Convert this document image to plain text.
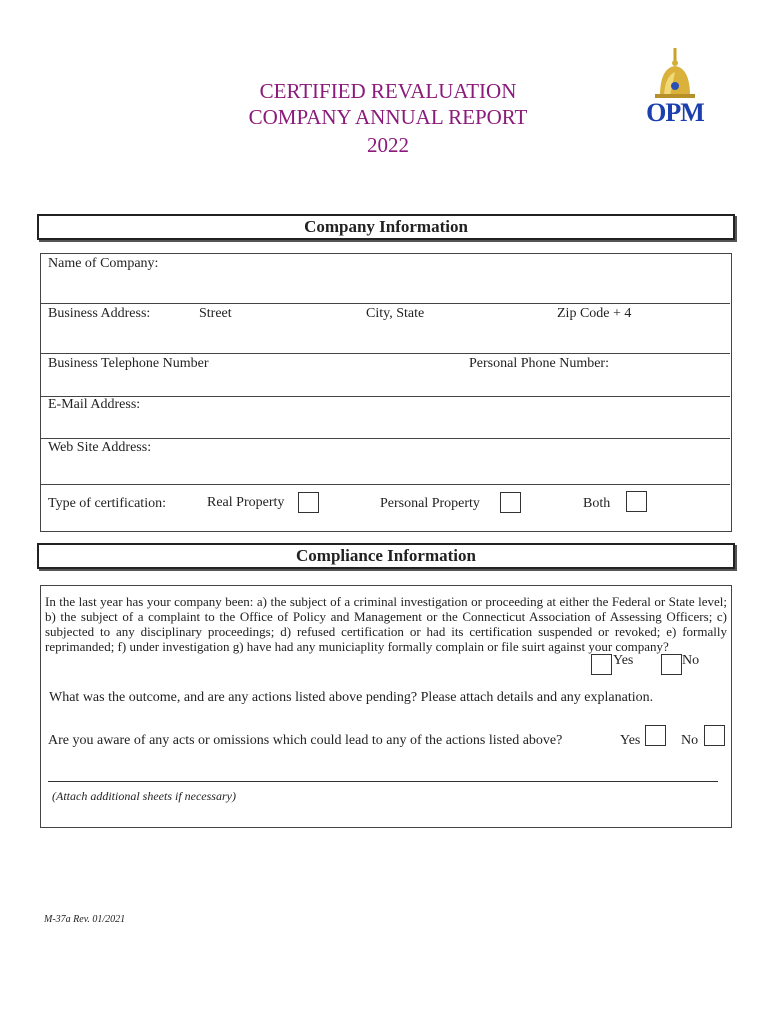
CERTIFIED REVALUATION
COMPANY ANNUAL REPORT
2022
OPM
Company Information
Name of Company:
Business Address:	Street	City, State	Zip Code + 4
Business Telephone Number	Personal Phone Number:
E-Mail Address:
Web Site Address:
Type of certification:	Real Property	Personal Property	Both
Compliance Information
In the last year has your company been: a) the subject of a criminal investigation or proceeding at either the Federal or State level; b) the subject of a complaint to the Office of Policy and Management or the Connecticut Association of Assessing Officers; c) subjected to any disciplinary proceedings; d) refused certification or had its certification suspended or revoked; e) formally reprimanded; f) under investigation g) have had any municiaplity formally complain or file suirt against your company?
Yes	No
What was the outcome, and are any actions listed above pending? Please attach details and any explanation.
Are you aware of any acts or omissions which could lead to any of the actions listed above?	Yes	No
(Attach additional sheets if necessary)
M-37a Rev. 01/2021
